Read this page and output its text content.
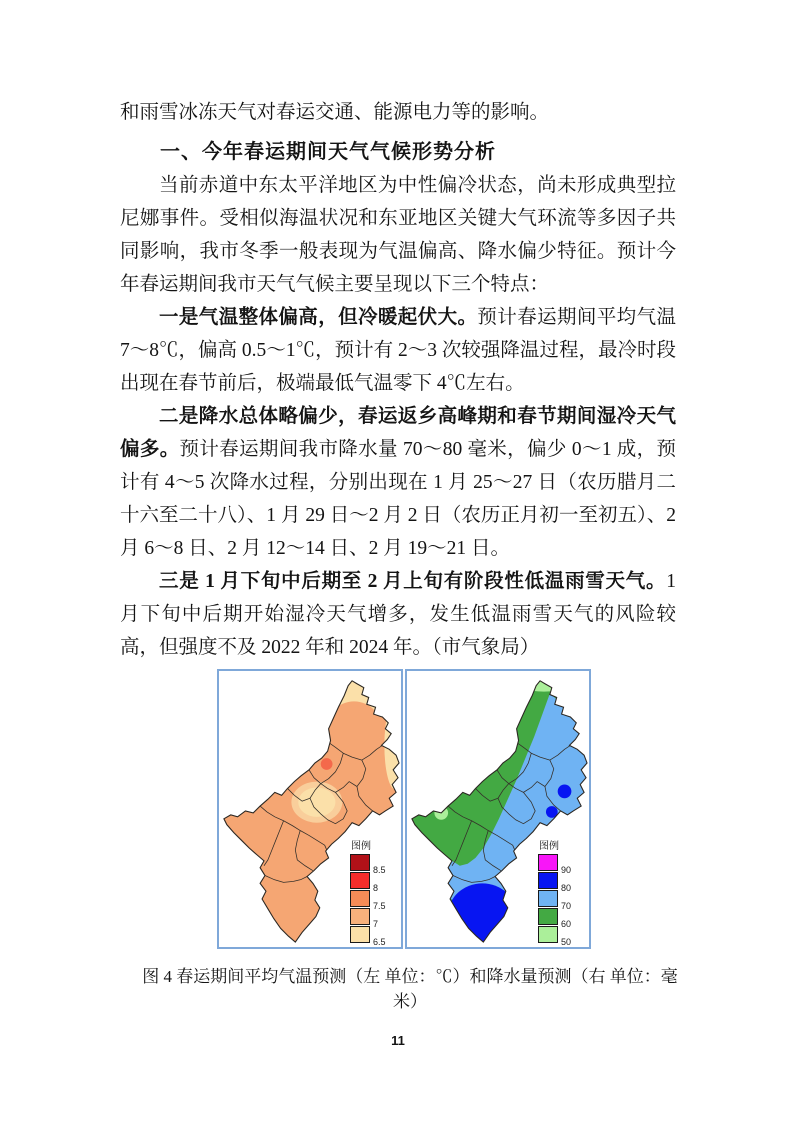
和雨雪冰冻天气对春运交通、能源电力等的影响。

一、今年春运期间天气气候形势分析

当前赤道中东太平洋地区为中性偏冷状态，尚未形成典型拉尼娜事件。受相似海温状况和东亚地区关键大气环流等多因子共同影响，我市冬季一般表现为气温偏高、降水偏少特征。预计今年春运期间我市天气气候主要呈现以下三个特点：

一是气温整体偏高，但冷暖起伏大。预计春运期间平均气温 7～8℃，偏高 0.5～1℃，预计有 2～3 次较强降温过程，最冷时段出现在春节前后，极端最低气温零下 4℃左右。

二是降水总体略偏少，春运返乡高峰期和春节期间湿冷天气偏多。预计春运期间我市降水量 70～80 毫米，偏少 0～1 成，预计有 4～5 次降水过程，分别出现在 1 月 25～27 日（农历腊月二十六至二十八）、1 月 29 日～2 月 2 日（农历正月初一至初五）、2 月 6～8 日、2 月 12～14 日、2 月 19～21 日。

三是 1 月下旬中后期至 2 月上旬有阶段性低温雨雪天气。1 月下旬中后期开始湿冷天气增多，发生低温雨雪天气的风险较高，但强度不及 2022 年和 2024 年。（市气象局）

图例
8.5
8
7.5
7
6.5
图例
90
80
70
60
50
图 4 春运期间平均气温预测（左 单位：℃）和降水量预测（右 单位：毫米）
11
